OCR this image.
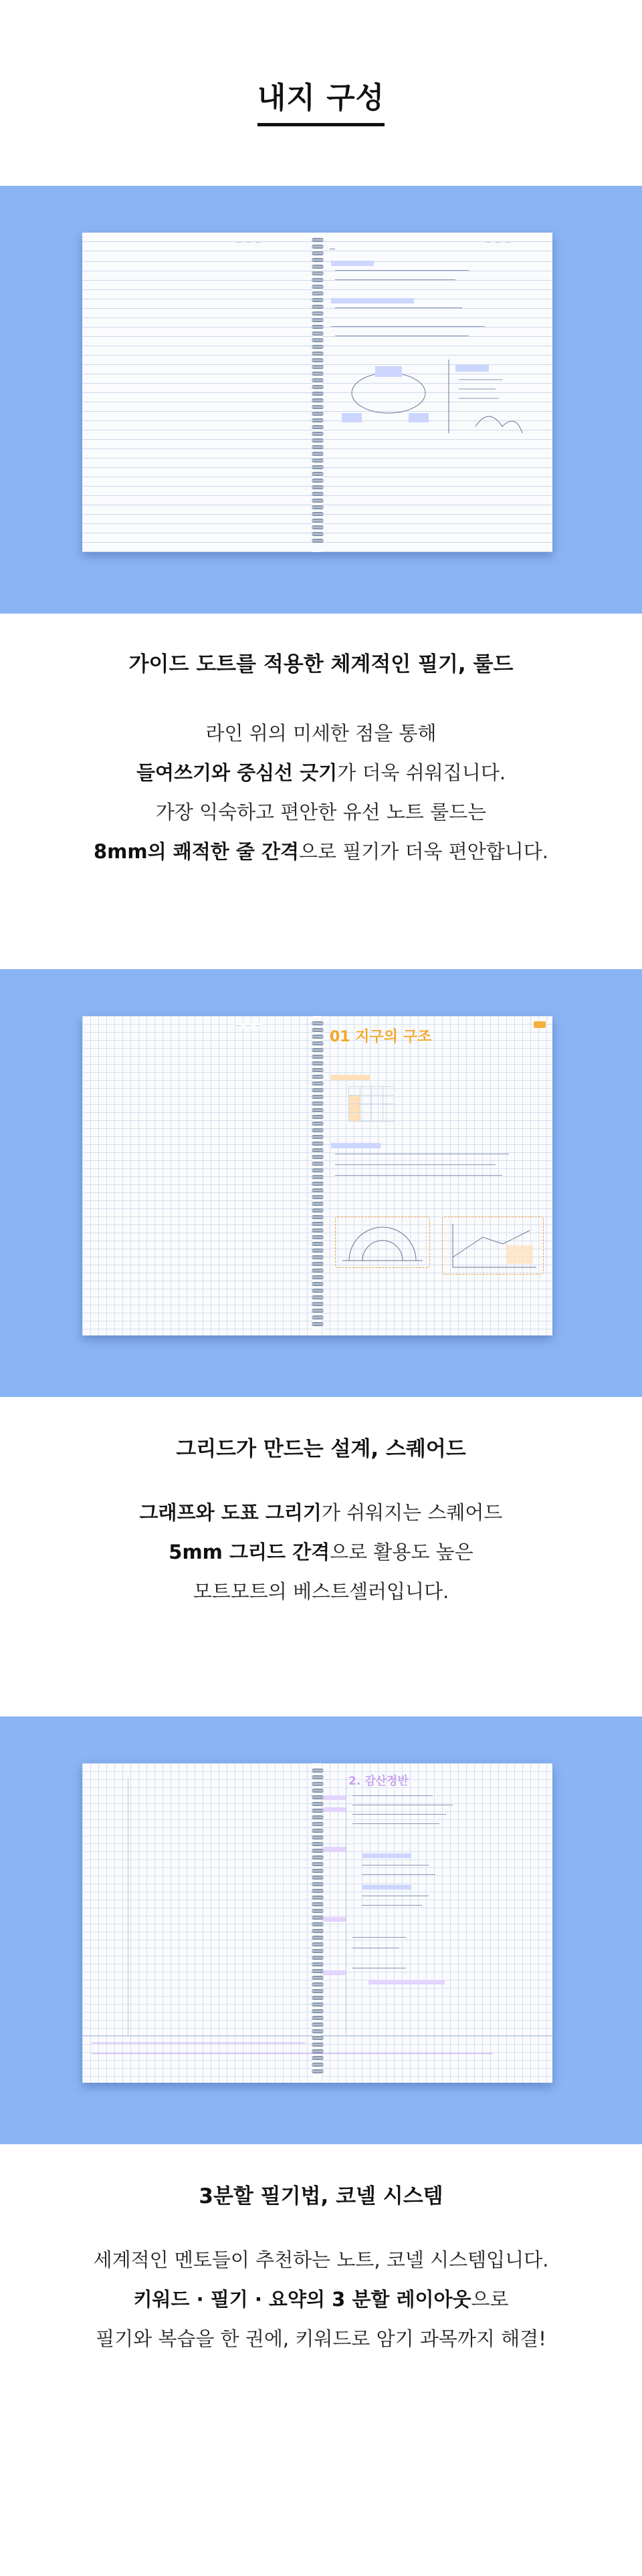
내지 구성
— — —	— — —
가이드 도트를 적용한 체계적인 필기, 룰드

라인 위의 미세한 점을 통해

들여쓰기와 중심선 긋기가 더욱 쉬워집니다.

가장 익숙하고 편안한 유선 노트 룰드는

8mm의 쾌적한 줄 간격으로 필기가 더욱 편안합니다.

— — —
01 지구의 구조

그리드가 만드는 설계, 스퀘어드

그래프와 도표 그리기가 쉬워지는 스퀘어드

5mm 그리드 간격으로 활용도 높은

모트모트의 베스트셀러입니다.

2. 감산정반
3분할 필기법, 코넬 시스템

세계적인 멘토들이 추천하는 노트, 코넬 시스템입니다.

키워드 · 필기 · 요약의 3 분할 레이아웃으로

필기와 복습을 한 권에, 키워드로 암기 과목까지 해결!
